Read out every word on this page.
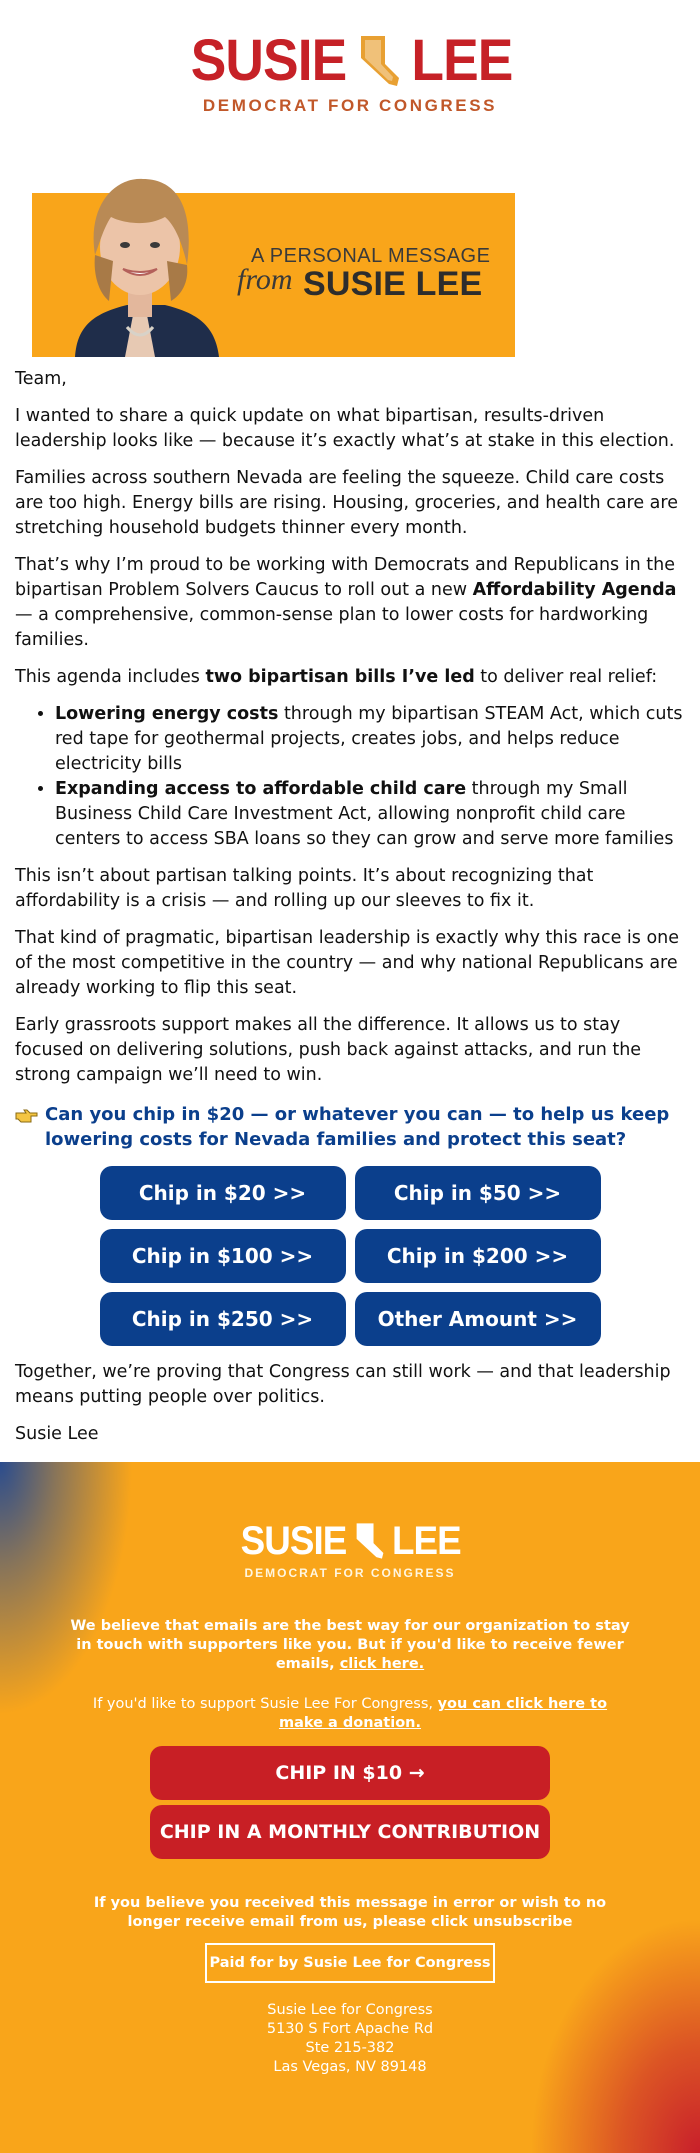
SUSIE LEE
DEMOCRAT FOR CONGRESS
A PERSONAL MESSAGE
from SUSIE LEE

Team,

I wanted to share a quick update on what bipartisan, results-driven leadership looks like — because it’s exactly what’s at stake in this election.

Families across southern Nevada are feeling the squeeze. Child care costs are too high. Energy bills are rising. Housing, groceries, and health care are stretching household budgets thinner every month.

That’s why I’m proud to be working with Democrats and Republicans in the bipartisan Problem Solvers Caucus to roll out a new Affordability Agenda — a comprehensive, common-sense plan to lower costs for hardworking families.

This agenda includes two bipartisan bills I’ve led to deliver real relief:

• Lowering energy costs through my bipartisan STEAM Act, which cuts red tape for geothermal projects, creates jobs, and helps reduce electricity bills
• Expanding access to affordable child care through my Small Business Child Care Investment Act, allowing nonprofit child care centers to access SBA loans so they can grow and serve more families

This isn’t about partisan talking points. It’s about recognizing that affordability is a crisis — and rolling up our sleeves to fix it.

That kind of pragmatic, bipartisan leadership is exactly why this race is one of the most competitive in the country — and why national Republicans are already working to flip this seat.

Early grassroots support makes all the difference. It allows us to stay focused on delivering solutions, push back against attacks, and run the strong campaign we’ll need to win.

Can you chip in $20 — or whatever you can — to help us keep lowering costs for Nevada families and protect this seat?
Chip in $20 >>	Chip in $50 >>
Chip in $100 >>	Chip in $200 >>
Chip in $250 >>	Other Amount >>

Together, we’re proving that Congress can still work — and that leadership means putting people over politics.

Susie Lee

SUSIE LEE
DEMOCRAT FOR CONGRESS
We believe that emails are the best way for our organization to stay in touch with supporters like you. But if you'd like to receive fewer emails, click here.
If you'd like to support Susie Lee For Congress, you can click here to make a donation.
CHIP IN $10 →
CHIP IN A MONTHLY CONTRIBUTION
If you believe you received this message in error or wish to no longer receive email from us, please click unsubscribe
Paid for by Susie Lee for Congress
Susie Lee for Congress
5130 S Fort Apache Rd
Ste 215-382
Las Vegas, NV 89148
